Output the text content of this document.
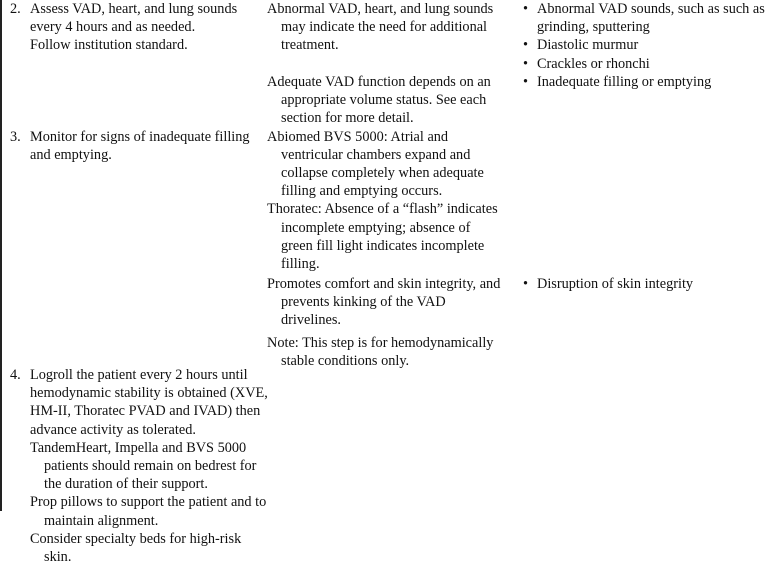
2. Assess VAD, heart, and lung sounds every 4 hours and as needed.
Follow institution standard.
Abnormal VAD, heart, and lung sounds may indicate the need for additional treatment.
• Abnormal VAD sounds, such as such as grinding, sputtering
• Diastolic murmur
• Crackles or rhonchi
3. Monitor for signs of inadequate filling and emptying.
Adequate VAD function depends on an appropriate volume status. See each section for more detail.
Abiomed BVS 5000: Atrial and ventricular chambers expand and collapse completely when adequate filling and emptying occurs.
Thoratec: Absence of a “flash” indicates incomplete emptying; absence of green fill light indicates incomplete filling.
• Inadequate filling or emptying
4. Logroll the patient every 2 hours until hemodynamic stability is obtained (XVE, HM-II, Thoratec PVAD and IVAD) then advance activity as tolerated.
TandemHeart, Impella and BVS 5000 patients should remain on bedrest for the duration of their support.
Prop pillows to support the patient and to maintain alignment.
Consider specialty beds for high-risk skin.
Promotes comfort and skin integrity, and prevents kinking of the VAD drivelines.
Note: This step is for hemodynamically stable conditions only.
• Disruption of skin integrity
